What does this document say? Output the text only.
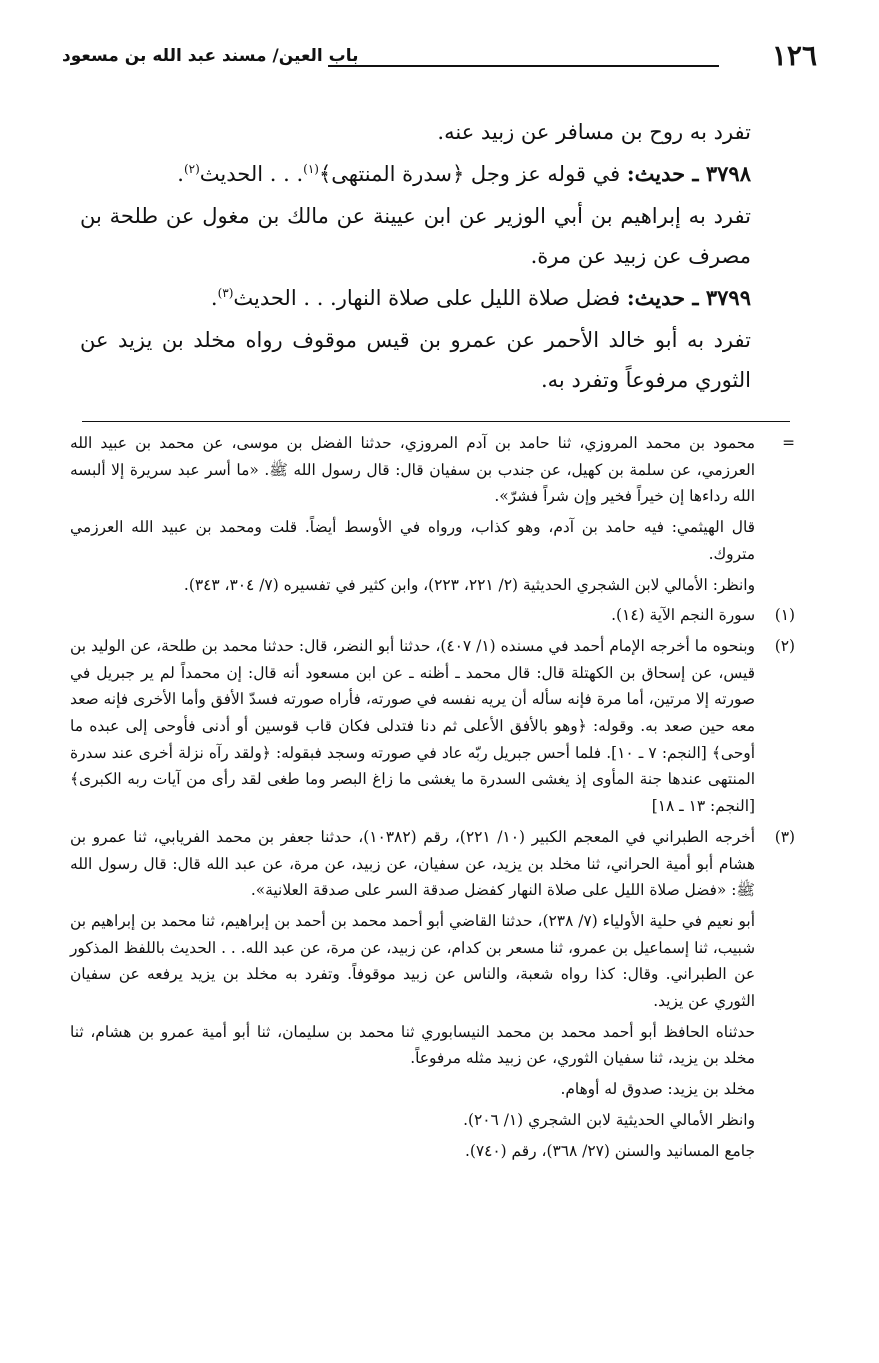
١٢٦
باب العين/ مسند عبد الله بن مسعود

تفرد به روح بن مسافر عن زبيد عنه.

٣٧٩٨ ـ حديث: في قوله عز وجل ﴿سدرة المنتهى﴾$^{(١)}$. . . الحديث$^{(٢)}$.

تفرد به إبراهيم بن أبي الوزير عن ابن عيينة عن مالك بن مغول عن طلحة بن مصرف عن زبيد عن مرة.

٣٧٩٩ ـ حديث: فضل صلاة الليل على صلاة النهار. . . الحديث$^{(٣)}$.

تفرد به أبو خالد الأحمر عن عمرو بن قيس موقوف رواه مخلد بن يزيد عن الثوري مرفوعاً وتفرد به.

=

محمود بن محمد المروزي، ثنا حامد بن آدم المروزي، حدثنا الفضل بن موسى، عن محمد بن عبيد الله العرزمي، عن سلمة بن كهيل، عن جندب بن سفيان قال: قال رسول الله ﷺ. «ما أسر عبد سريرة إلا ألبسه الله رداءها إن خيراً فخير وإن شراً فشرّ».

قال الهيثمي: فيه حامد بن آدم، وهو كذاب، ورواه في الأوسط أيضاً. قلت ومحمد بن عبيد الله العرزمي متروك.

وانظر: الأمالي لابن الشجري الحديثية (٢/ ٢٢١، ٢٢٣)، وابن كثير في تفسيره (٧/ ٣٠٤، ٣٤٣).

(١)

سورة النجم الآية (١٤).

(٢)

وبنحوه ما أخرجه الإمام أحمد في مسنده (١/ ٤٠٧)، حدثنا أبو النضر، قال: حدثنا محمد بن طلحة، عن الوليد بن قيس، عن إسحاق بن الكهتلة قال: قال محمد ـ أظنه ـ عن ابن مسعود أنه قال: إن محمداً لم ير جبريل في صورته إلا مرتين، أما مرة فإنه سأله أن يريه نفسه في صورته، فأراه صورته فسدّ الأفق وأما الأخرى فإنه صعد معه حين صعد به. وقوله: ﴿وهو بالأفق الأعلى ثم دنا فتدلى فكان قاب قوسين أو أدنى فأوحى إلى عبده ما أوحى﴾ [النجم: ٧ ـ ١٠]. فلما أحس جبريل ربّه عاد في صورته وسجد فبقوله: ﴿ولقد رآه نزلة أخرى عند سدرة المنتهى عندها جنة المأوى إذ يغشى السدرة ما يغشى ما زاغ البصر وما طغى لقد رأى من آيات ربه الكبرى﴾ [النجم: ١٣ ـ ١٨]

(٣)

أخرجه الطبراني في المعجم الكبير (١٠/ ٢٢١)، رقم (١٠٣٨٢)، حدثنا جعفر بن محمد الفريابي، ثنا عمرو بن هشام أبو أمية الحراني، ثنا مخلد بن يزيد، عن سفيان، عن زبيد، عن مرة، عن عبد الله قال: قال رسول الله ﷺ: «فضل صلاة الليل على صلاة النهار كفضل صدقة السر على صدقة العلانية».

أبو نعيم في حلية الأولياء (٧/ ٢٣٨)، حدثنا القاضي أبو أحمد محمد بن أحمد بن إبراهيم، ثنا محمد بن إبراهيم بن شبيب، ثنا إسماعيل بن عمرو، ثنا مسعر بن كدام، عن زبيد، عن مرة، عن عبد الله. . . الحديث باللفظ المذكور عن الطبراني. وقال: كذا رواه شعبة، والناس عن زبيد موقوفاً. وتفرد به مخلد بن يزيد يرفعه عن سفيان الثوري عن يزيد.

حدثناه الحافظ أبو أحمد محمد بن محمد النيسابوري ثنا محمد بن سليمان، ثنا أبو أمية عمرو بن هشام، ثنا مخلد بن يزيد، ثنا سفيان الثوري، عن زبيد مثله مرفوعاً.

مخلد بن يزيد: صدوق له أوهام.

وانظر الأمالي الحديثية لابن الشجري (١/ ٢٠٦).

جامع المسانيد والسنن (٢٧/ ٣٦٨)، رقم (٧٤٠).
